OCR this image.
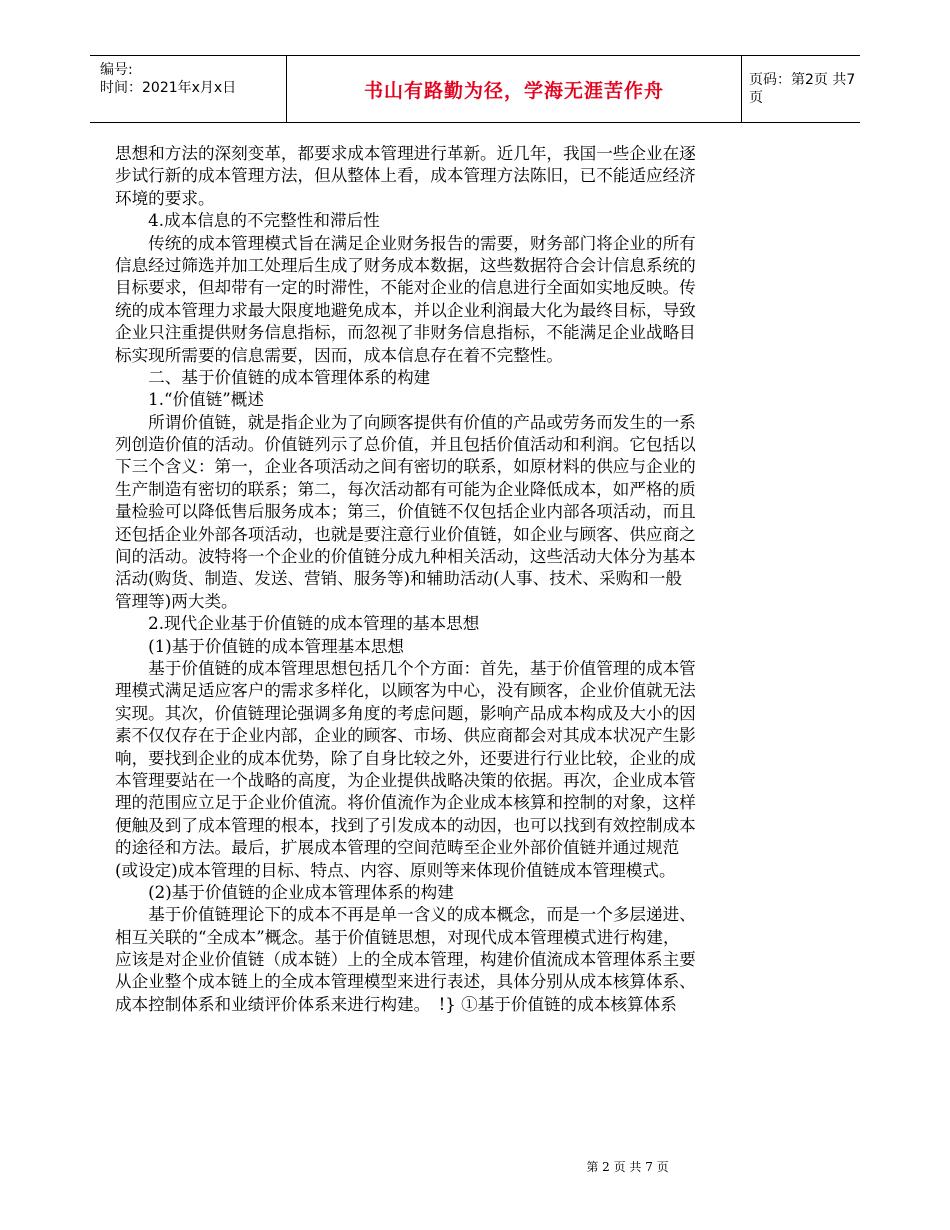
编号:
时间：2021年x月x日	书山有路勤为径，学海无涯苦作舟	页码：第2页 共7页
思想和方法的深刻变革，都要求成本管理进行革新。近几年，我国一些企业在逐
步试行新的成本管理方法，但从整体上看，成本管理方法陈旧，已不能适应经济
环境的要求。
　　4.成本信息的不完整性和滞后性
　　传统的成本管理模式旨在满足企业财务报告的需要，财务部门将企业的所有
信息经过筛选并加工处理后生成了财务成本数据，这些数据符合会计信息系统的
目标要求，但却带有一定的时滞性，不能对企业的信息进行全面如实地反映。传
统的成本管理力求最大限度地避免成本，并以企业利润最大化为最终目标，导致
企业只注重提供财务信息指标，而忽视了非财务信息指标，不能满足企业战略目
标实现所需要的信息需要，因而，成本信息存在着不完整性。
　　二、基于价值链的成本管理体系的构建
　　1.“价值链”概述
　　所谓价值链，就是指企业为了向顾客提供有价值的产品或劳务而发生的一系
列创造价值的活动。价值链列示了总价值，并且包括价值活动和利润。它包括以
下三个含义：第一，企业各项活动之间有密切的联系，如原材料的供应与企业的
生产制造有密切的联系；第二，每次活动都有可能为企业降低成本，如严格的质
量检验可以降低售后服务成本；第三，价值链不仅包括企业内部各项活动，而且
还包括企业外部各项活动，也就是要注意行业价值链，如企业与顾客、供应商之
间的活动。波特将一个企业的价值链分成九种相关活动，这些活动大体分为基本
活动(购货、制造、发送、营销、服务等)和辅助活动(人事、技术、采购和一般
管理等)两大类。
　　2.现代企业基于价值链的成本管理的基本思想
　　(1)基于价值链的成本管理基本思想
　　基于价值链的成本管理思想包括几个个方面：首先，基于价值管理的成本管
理模式满足适应客户的需求多样化，以顾客为中心，没有顾客，企业价值就无法
实现。其次，价值链理论强调多角度的考虑问题，影响产品成本构成及大小的因
素不仅仅存在于企业内部，企业的顾客、市场、供应商都会对其成本状况产生影
响，要找到企业的成本优势，除了自身比较之外，还要进行行业比较，企业的成
本管理要站在一个战略的高度，为企业提供战略决策的依据。再次，企业成本管
理的范围应立足于企业价值流。将价值流作为企业成本核算和控制的对象，这样
便触及到了成本管理的根本，找到了引发成本的动因，也可以找到有效控制成本
的途径和方法。最后，扩展成本管理的空间范畴至企业外部价值链并通过规范
(或设定)成本管理的目标、特点、内容、原则等来体现价值链成本管理模式。
　　(2)基于价值链的企业成本管理体系的构建
　　基于价值链理论下的成本不再是单一含义的成本概念，而是一个多层递进、
相互关联的“全成本”概念。基于价值链思想，对现代成本管理模式进行构建，
应该是对企业价值链（成本链）上的全成本管理，构建价值流成本管理体系主要
从企业整个成本链上的全成本管理模型来进行表述，具体分别从成本核算体系、
成本控制体系和业绩评价体系来进行构建。　!} ①基于价值链的成本核算体系
第 2 页 共 7 页
